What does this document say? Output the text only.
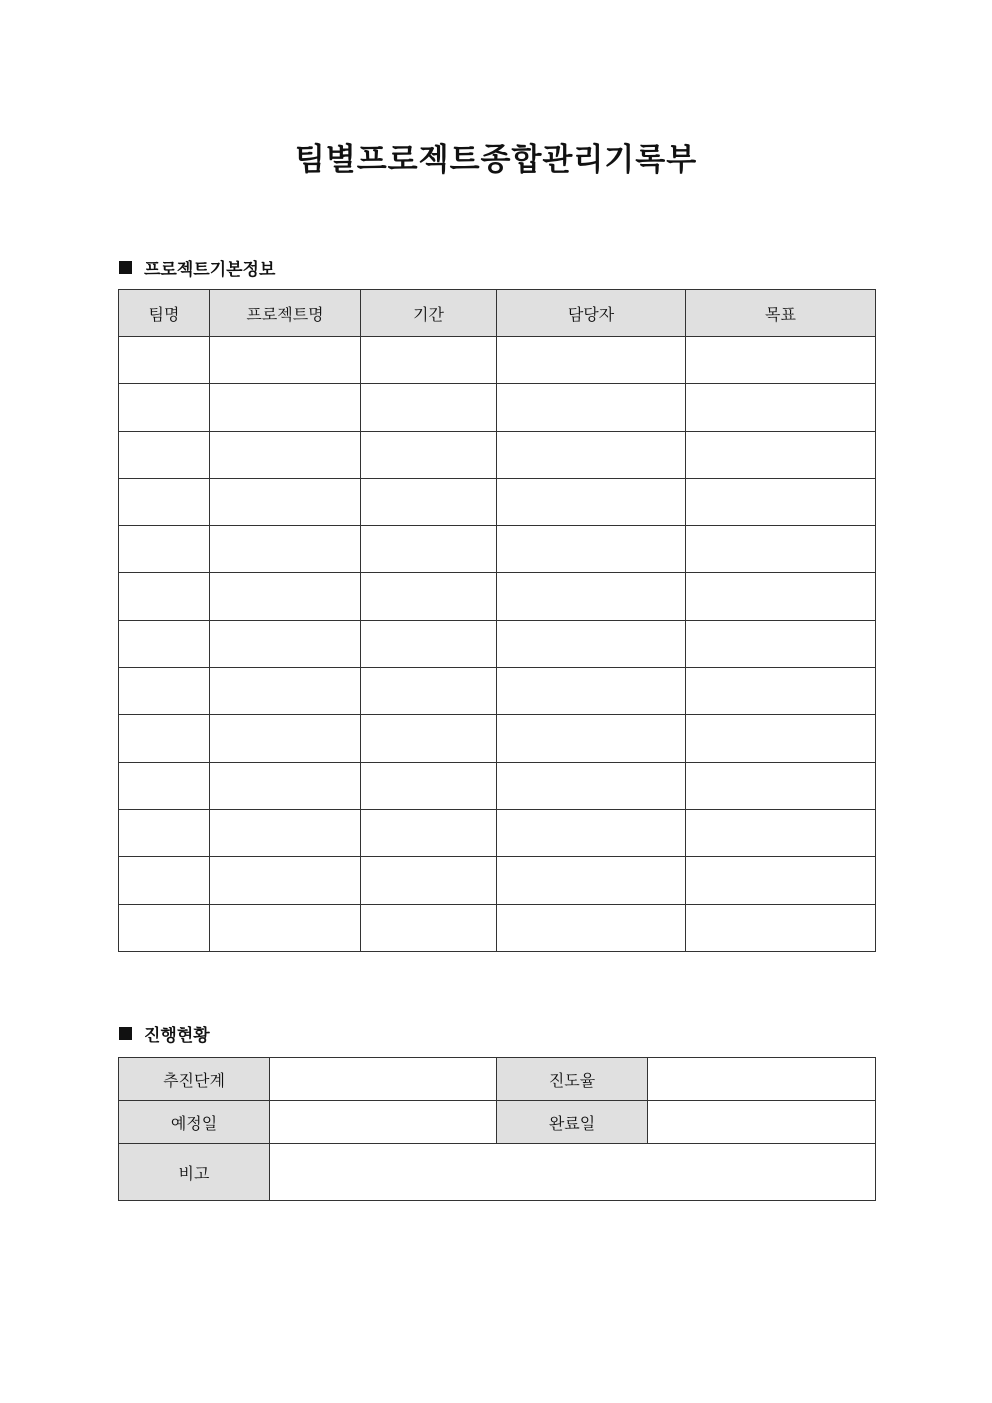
팀별프로젝트종합관리기록부
프로젝트기본정보
팀명	프로젝트명	기간	담당자	목표

진행현황
추진단계		진도율	
예정일		완료일	
비고			
